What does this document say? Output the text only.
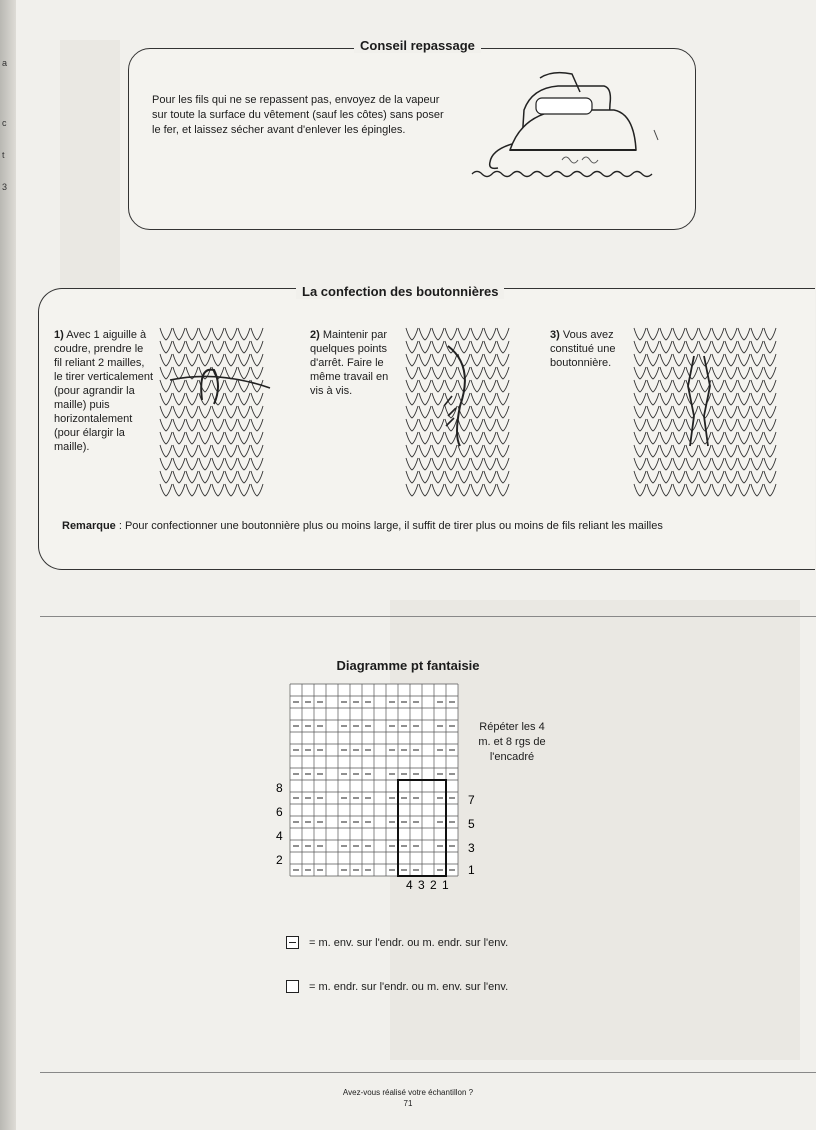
a
c
t
3
Conseil repassage
Pour les fils qui ne se repassent pas, envoyez de la vapeur sur toute la surface du vêtement (sauf les côtes) sans poser le fer, et laissez sécher avant d'enlever les épingles.
La confection des boutonnières
1) Avec 1 aiguille à coudre, prendre le fil reliant 2 mailles, le tirer verticalement (pour agrandir la maille) puis horizontalement (pour élargir la maille).
2) Maintenir par quelques points d'arrêt. Faire le même travail en vis à vis.
3) Vous avez constitué une boutonnière.
Remarque : Pour confectionner une boutonnière plus ou moins large, il suffit de tirer plus ou moins de fils reliant les mailles
Diagramme pt fantaisie
8
6
4
2
7
5
3
1
4 3 2 1
Répéter les 4 m. et 8 rgs de l'encadré
= m. env. sur l'endr. ou m. endr. sur l'env.
= m. endr. sur l'endr. ou m. env. sur l'env.
Avez-vous réalisé votre échantillon ?
71
